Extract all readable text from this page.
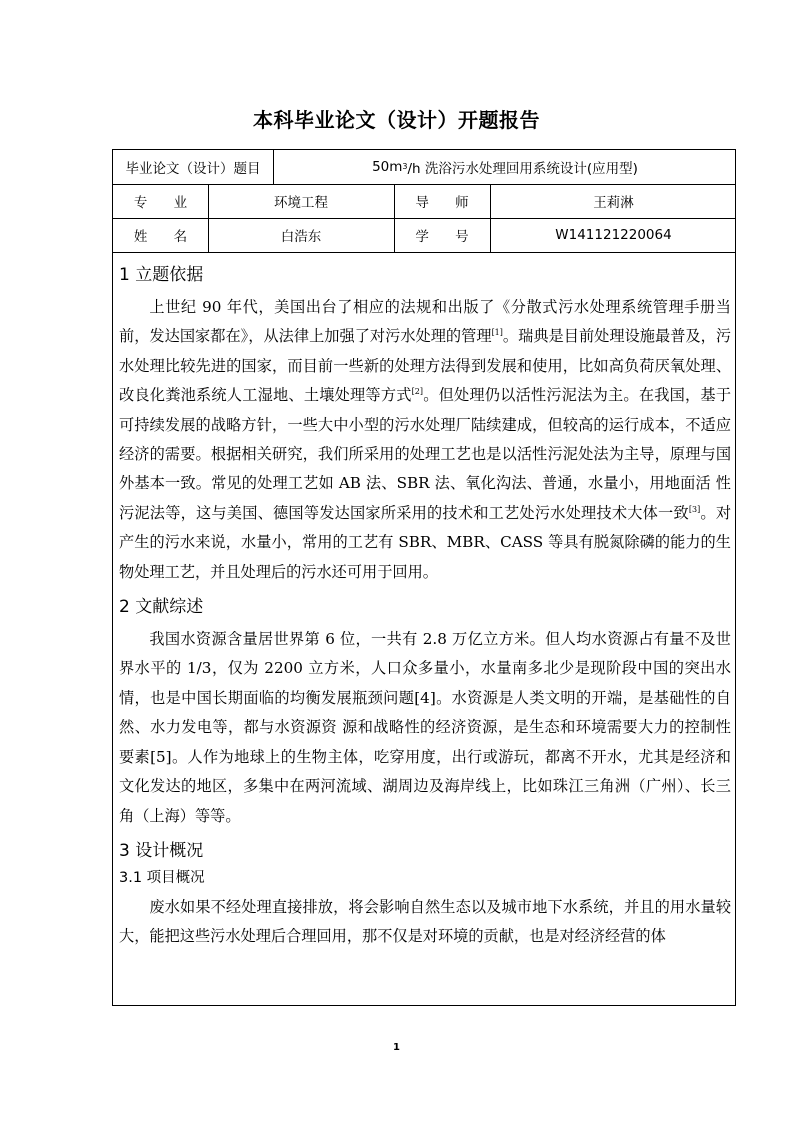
本科毕业论文（设计）开题报告
毕业论文（设计）题目	50m 3 /h 洗浴污水处理回用系统设计(应用型)
专 业	环境工程	导 师	王莉淋
姓 名	白浩东	学 号	W141121220064
1 立题依据

上世纪 90 年代，美国出台了相应的法规和出版了《分散式污水处理系统管理手册当前，发达国家都在》，从法律上加强了对污水处理的管理[1]。瑞典是目前处理设施最普及，污水处理比较先进的国家，而目前一些新的处理方法得到发展和使用，比如高负荷厌氧处理、改良化粪池系统人工湿地、土壤处理等方式[2]。但处理仍以活性污泥法为主。在我国，基于可持续发展的战略方针，一些大中小型的污水处理厂陆续建成，但较高的运行成本，不适应经济的需要。根据相关研究，我们所采用的处理工艺也是以活性污泥处法为主导，原理与国外基本一致。常见的处理工艺如 AB 法、SBR 法、氧化沟法、普通，水量小，用地面活 性污泥法等，这与美国、德国等发达国家所采用的技术和工艺处污水处理技术大体一致[3]。对产生的污水来说，水量小，常用的工艺有 SBR、MBR、CASS 等具有脱氮除磷的能力的生物处理工艺，并且处理后的污水还可用于回用。

2 文献综述

我国水资源含量居世界第 6 位，一共有 2.8 万亿立方米。但人均水资源占有量不及世界水平的 1/3，仅为 2200 立方米，人口众多量小，水量南多北少是现阶段中国的突出水情，也是中国长期面临的均衡发展瓶颈问题[4]。水资源是人类文明的开端，是基础性的自然、水力发电等，都与水资源资 源和战略性的经济资源，是生态和环境需要大力的控制性要素[5]。人作为地球上的生物主体，吃穿用度，出行或游玩，都离不开水，尤其是经济和文化发达的地区，多集中在两河流域、湖周边及海岸线上，比如珠江三角洲（广州）、长三角（上海）等等。

3 设计概况
3.1 项目概况

废水如果不经处理直接排放，将会影响自然生态以及城市地下水系统，并且的用水量较大，能把这些污水处理后合理回用，那不仅是对环境的贡献，也是对经济经营的体

1
